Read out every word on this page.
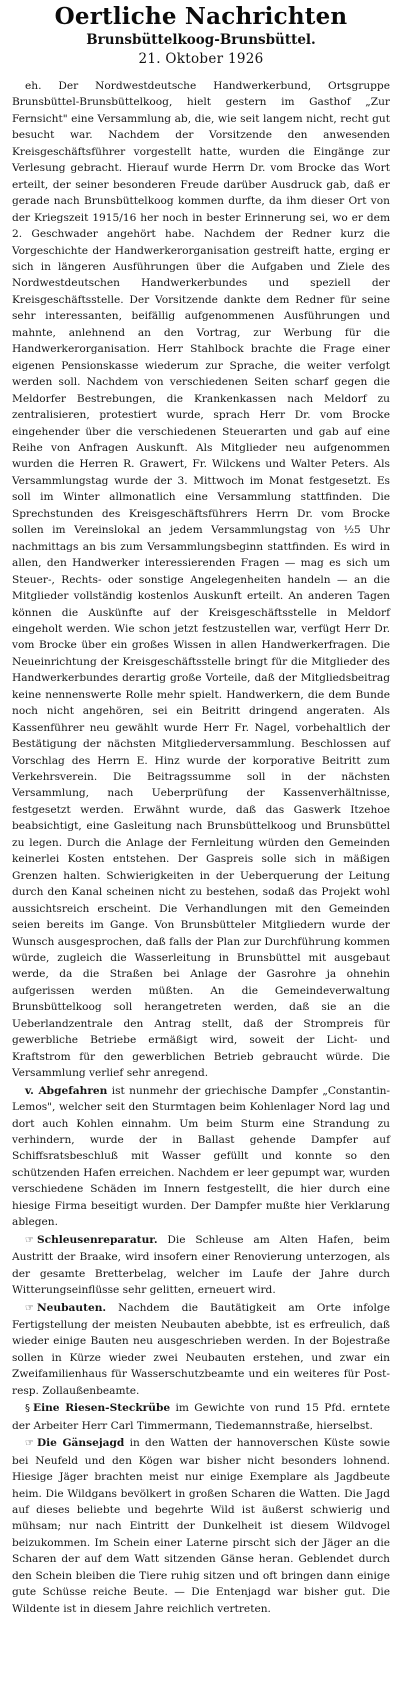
Oertliche Nachrichten
Brunsbüttelkoog-Brunsbüttel.
21. Oktober 1926

eh. Der Nordwestdeutsche Handwerkerbund, Ortsgruppe Brunsbüttel-Brunsbüttelkoog, hielt gestern im Gasthof „Zur Fernsicht" eine Versammlung ab, die, wie seit langem nicht, recht gut besucht war. Nachdem der Vorsitzende den anwesenden Kreisgeschäftsführer vorgestellt hatte, wurden die Eingänge zur Verlesung gebracht. Hierauf wurde Herrn Dr. vom Brocke das Wort erteilt, der seiner besonderen Freude darüber Ausdruck gab, daß er gerade nach Brunsbüttelkoog kommen durfte, da ihm dieser Ort von der Kriegszeit 1915/16 her noch in bester Erinnerung sei, wo er dem 2. Geschwader angehört habe. Nachdem der Redner kurz die Vorgeschichte der Handwerkerorganisation gestreift hatte, erging er sich in längeren Ausführungen über die Aufgaben und Ziele des Nordwestdeutschen Handwerkerbundes und speziell der Kreisgeschäftsstelle. Der Vorsitzende dankte dem Redner für seine sehr interessanten, beifällig aufgenommenen Ausführungen und mahnte, anlehnend an den Vortrag, zur Werbung für die Handwerkerorganisation. Herr Stahlbock brachte die Frage einer eigenen Pensionskasse wiederum zur Sprache, die weiter verfolgt werden soll. Nachdem von verschiedenen Seiten scharf gegen die Meldorfer Bestrebungen, die Krankenkassen nach Meldorf zu zentralisieren, protestiert wurde, sprach Herr Dr. vom Brocke eingehender über die verschiedenen Steuerarten und gab auf eine Reihe von Anfragen Auskunft. Als Mitglieder neu aufgenommen wurden die Herren R. Grawert, Fr. Wilckens und Walter Peters. Als Versammlungstag wurde der 3. Mittwoch im Monat festgesetzt. Es soll im Winter allmonatlich eine Versammlung stattfinden. Die Sprechstunden des Kreisgeschäftsführers Herrn Dr. vom Brocke sollen im Vereinslokal an jedem Versammlungstag von ½5 Uhr nachmittags an bis zum Versammlungsbeginn stattfinden. Es wird in allen, den Handwerker interessierenden Fragen — mag es sich um Steuer-, Rechts- oder sonstige Angelegenheiten handeln — an die Mitglieder vollständig kostenlos Auskunft erteilt. An anderen Tagen können die Auskünfte auf der Kreisgeschäftsstelle in Meldorf eingeholt werden. Wie schon jetzt festzustellen war, verfügt Herr Dr. vom Brocke über ein großes Wissen in allen Handwerkerfragen. Die Neueinrichtung der Kreisgeschäftsstelle bringt für die Mitglieder des Handwerkerbundes derartig große Vorteile, daß der Mitgliedsbeitrag keine nennenswerte Rolle mehr spielt. Handwerkern, die dem Bunde noch nicht angehören, sei ein Beitritt dringend angeraten. Als Kassenführer neu gewählt wurde Herr Fr. Nagel, vorbehaltlich der Bestätigung der nächsten Mitgliederversammlung. Beschlossen auf Vorschlag des Herrn E. Hinz wurde der korporative Beitritt zum Verkehrsverein. Die Beitragssumme soll in der nächsten Versammlung, nach Ueberprüfung der Kassenverhältnisse, festgesetzt werden. Erwähnt wurde, daß das Gaswerk Itzehoe beabsichtigt, eine Gasleitung nach Brunsbüttelkoog und Brunsbüttel zu legen. Durch die Anlage der Fernleitung würden den Gemeinden keinerlei Kosten entstehen. Der Gaspreis solle sich in mäßigen Grenzen halten. Schwierigkeiten in der Ueberquerung der Leitung durch den Kanal scheinen nicht zu bestehen, sodaß das Projekt wohl aussichtsreich erscheint. Die Verhandlungen mit den Gemeinden seien bereits im Gange. Von Brunsbütteler Mitgliedern wurde der Wunsch ausgesprochen, daß falls der Plan zur Durchführung kommen würde, zugleich die Wasserleitung in Brunsbüttel mit ausgebaut werde, da die Straßen bei Anlage der Gasrohre ja ohnehin aufgerissen werden müßten. An die Gemeindeverwaltung Brunsbüttelkoog soll herangetreten werden, daß sie an die Ueberlandzentrale den Antrag stellt, daß der Strompreis für gewerbliche Betriebe ermäßigt wird, soweit der Licht- und Kraftstrom für den gewerblichen Betrieb gebraucht würde. Die Versammlung verlief sehr anregend.

v. Abgefahren ist nunmehr der griechische Dampfer „Constantin-Lemos", welcher seit den Sturmtagen beim Kohlenlager Nord lag und dort auch Kohlen einnahm. Um beim Sturm eine Strandung zu verhindern, wurde der in Ballast gehende Dampfer auf Schiffsratsbeschluß mit Wasser gefüllt und konnte so den schützenden Hafen erreichen. Nachdem er leer gepumpt war, wurden verschiedene Schäden im Innern festgestellt, die hier durch eine hiesige Firma beseitigt wurden. Der Dampfer mußte hier Verklarung ablegen.

☞ Schleusenreparatur. Die Schleuse am Alten Hafen, beim Austritt der Braake, wird insofern einer Renovierung unterzogen, als der gesamte Bretterbelag, welcher im Laufe der Jahre durch Witterungseinflüsse sehr gelitten, erneuert wird.

☞ Neubauten. Nachdem die Bautätigkeit am Orte infolge Fertigstellung der meisten Neubauten abebbte, ist es erfreulich, daß wieder einige Bauten neu ausgeschrieben werden. In der Bojestraße sollen in Kürze wieder zwei Neubauten erstehen, und zwar ein Zweifamilienhaus für Wasserschutzbeamte und ein weiteres für Post- resp. Zollaußenbeamte.

§ Eine Riesen-Steckrübe im Gewichte von rund 15 Pfd. erntete der Arbeiter Herr Carl Timmermann, Tiedemannstraße, hierselbst.

☞ Die Gänsejagd in den Watten der hannoverschen Küste sowie bei Neufeld und den Kögen war bisher nicht besonders lohnend. Hiesige Jäger brachten meist nur einige Exemplare als Jagdbeute heim. Die Wildgans bevölkert in großen Scharen die Watten. Die Jagd auf dieses beliebte und begehrte Wild ist äußerst schwierig und mühsam; nur nach Eintritt der Dunkelheit ist diesem Wildvogel beizukommen. Im Schein einer Laterne pirscht sich der Jäger an die Scharen der auf dem Watt sitzenden Gänse heran. Geblendet durch den Schein bleiben die Tiere ruhig sitzen und oft bringen dann einige gute Schüsse reiche Beute. — Die Entenjagd war bisher gut. Die Wildente ist in diesem Jahre reichlich vertreten.
